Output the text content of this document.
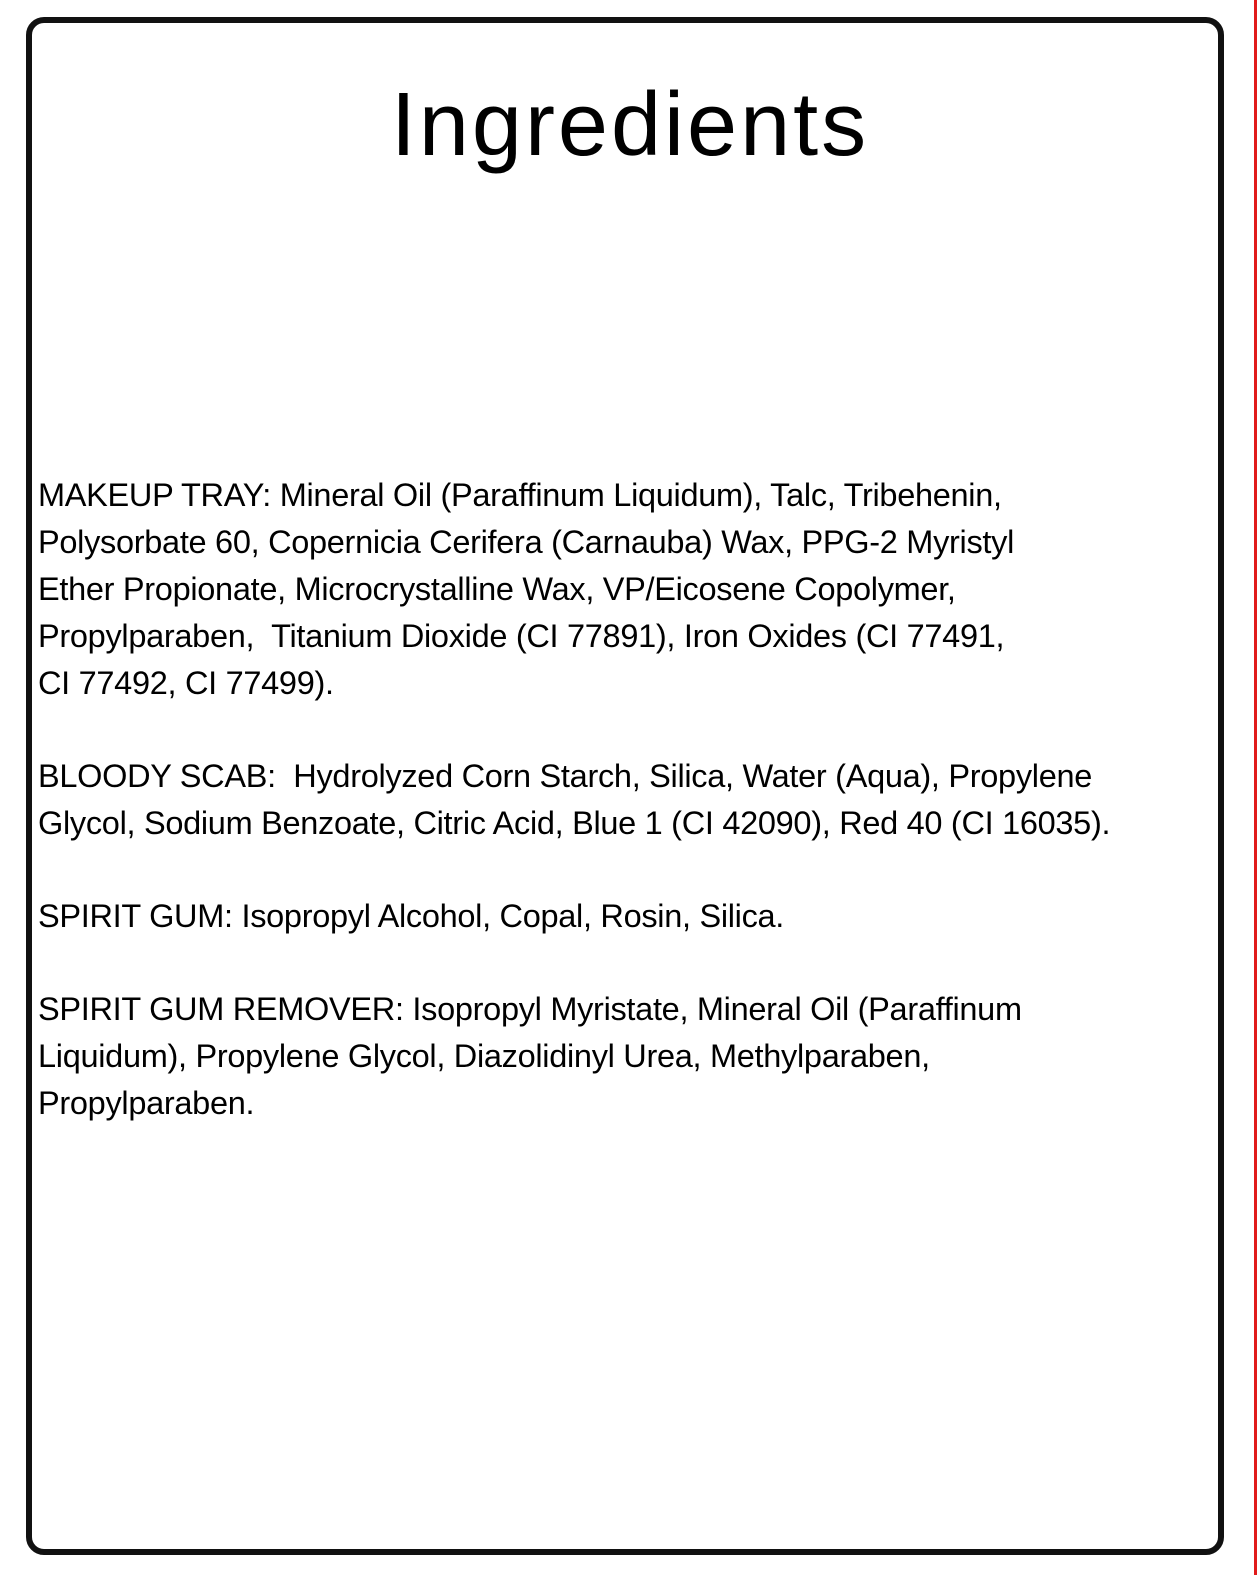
Ingredients

MAKEUP TRAY: Mineral Oil (Paraffinum Liquidum), Talc, Tribehenin,
Polysorbate 60, Copernicia Cerifera (Carnauba) Wax, PPG-2 Myristyl
Ether Propionate, Microcrystalline Wax, VP/Eicosene Copolymer,
Propylparaben,  Titanium Dioxide (CI 77891), Iron Oxides (CI 77491,
CI 77492, CI 77499).

BLOODY SCAB:  Hydrolyzed Corn Starch, Silica, Water (Aqua), Propylene
Glycol, Sodium Benzoate, Citric Acid, Blue 1 (CI 42090), Red 40 (CI 16035).

SPIRIT GUM: Isopropyl Alcohol, Copal, Rosin, Silica.

SPIRIT GUM REMOVER: Isopropyl Myristate, Mineral Oil (Paraffinum
Liquidum), Propylene Glycol, Diazolidinyl Urea, Methylparaben,
Propylparaben.
